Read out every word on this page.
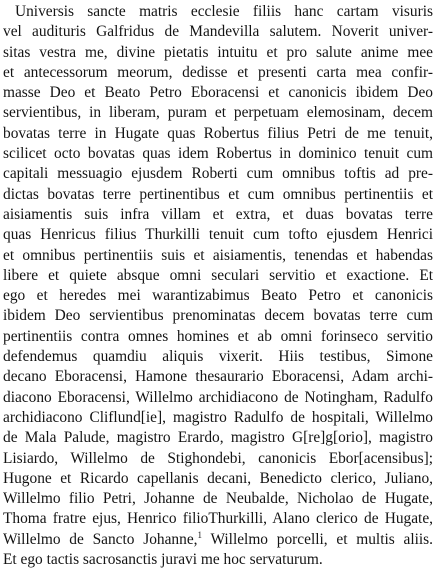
Universis sancte matris ecclesie filiis hanc cartam visuris
vel audituris Galfridus de Mandevilla salutem. Noverit univer-
sitas vestra me, divine pietatis intuitu et pro salute anime mee
et antecessorum meorum, dedisse et presenti carta mea confir-
masse Deo et Beato Petro Eboracensi et canonicis ibidem Deo
servientibus, in liberam, puram et perpetuam elemosinam, decem
bovatas terre in Hugate quas Robertus filius Petri de me tenuit,
scilicet octo bovatas quas idem Robertus in dominico tenuit cum
capitali messuagio ejusdem Roberti cum omnibus toftis ad pre-
dictas bovatas terre pertinentibus et cum omnibus pertinentiis et
aisiamentis suis infra villam et extra, et duas bovatas terre
quas Henricus filius Thurkilli tenuit cum tofto ejusdem Henrici
et omnibus pertinentiis suis et aisiamentis, tenendas et habendas
libere et quiete absque omni seculari servitio et exactione. Et
ego et heredes mei warantizabimus Beato Petro et canonicis
ibidem Deo servientibus prenominatas decem bovatas terre cum
pertinentiis contra omnes homines et ab omni forinseco servitio
defendemus quamdiu aliquis vixerit. Hiis testibus, Simone
decano Eboracensi, Hamone thesaurario Eboracensi, Adam archi-
diacono Eboracensi, Willelmo archidiacono de Notingham, Radulfo
archidiacono Cliflund[ie], magistro Radulfo de hospitali, Willelmo
de Mala Palude, magistro Erardo, magistro G[re]g[orio], magistro
Lisiardo, Willelmo de Stighondebi, canonicis Ebor[acensibus];
Hugone et Ricardo capellanis decani, Benedicto clerico, Juliano,
Willelmo filio Petri, Johanne de Neubalde, Nicholao de Hugate,
Thoma fratre ejus, Henrico filioThurkilli, Alano clerico de Hugate,
Willelmo de Sancto Johanne,$^1$ Willelmo porcelli, et multis aliis.
Et ego tactis sacrosanctis juravi me hoc servaturum.
